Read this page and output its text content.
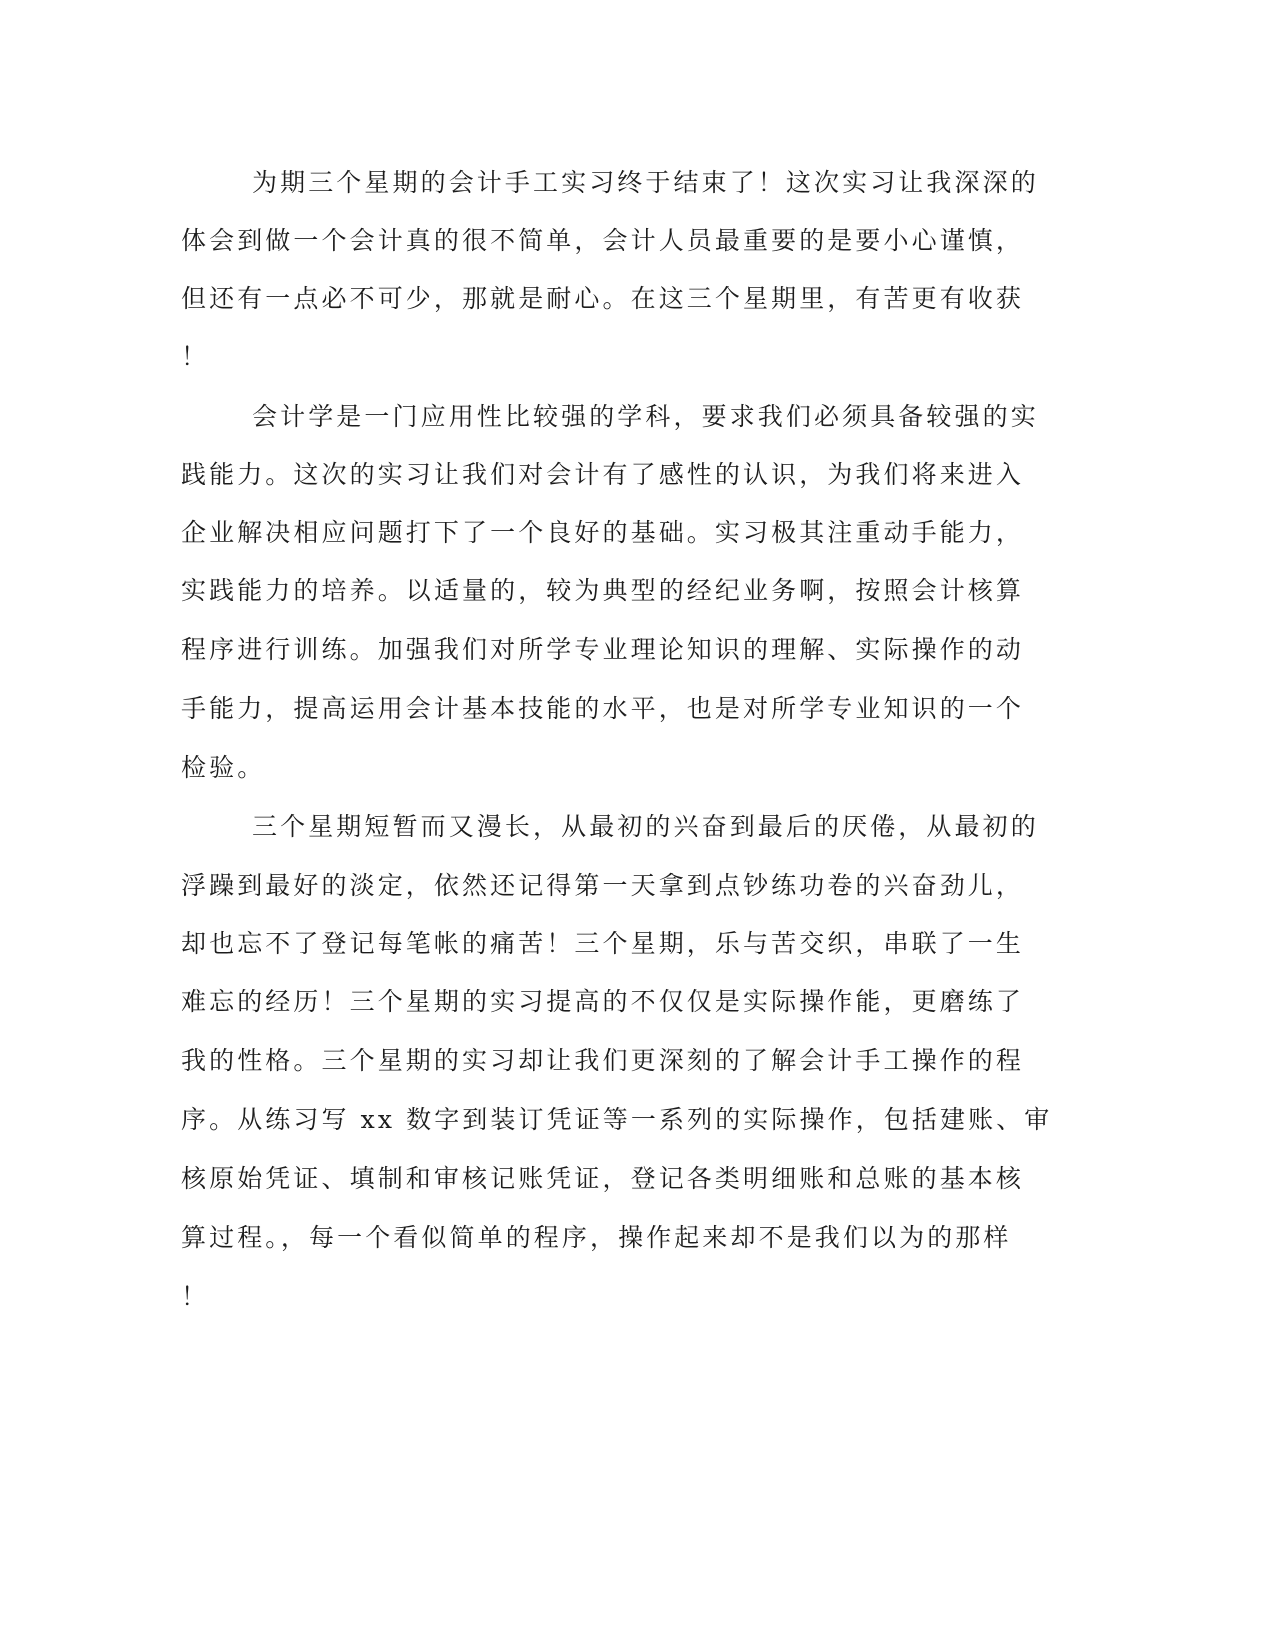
为期三个星期的会计手工实习终于结束了！这次实习让我深深的
体会到做一个会计真的很不简单，会计人员最重要的是要小心谨慎，
但还有一点必不可少，那就是耐心。在这三个星期里，有苦更有收获
！
会计学是一门应用性比较强的学科，要求我们必须具备较强的实
践能力。这次的实习让我们对会计有了感性的认识，为我们将来进入
企业解决相应问题打下了一个良好的基础。实习极其注重动手能力，
实践能力的培养。以适量的，较为典型的经纪业务啊，按照会计核算
程序进行训练。加强我们对所学专业理论知识的理解、实际操作的动
手能力，提高运用会计基本技能的水平，也是对所学专业知识的一个
检验。
三个星期短暂而又漫长，从最初的兴奋到最后的厌倦，从最初的
浮躁到最好的淡定，依然还记得第一天拿到点钞练功卷的兴奋劲儿，
却也忘不了登记每笔帐的痛苦！三个星期，乐与苦交织，串联了一生
难忘的经历！三个星期的实习提高的不仅仅是实际操作能，更磨练了
我的性格。三个星期的实习却让我们更深刻的了解会计手工操作的程
序。从练习写 xx 数字到装订凭证等一系列的实际操作，包括建账、审
核原始凭证、填制和审核记账凭证，登记各类明细账和总账的基本核
算过程。，每一个看似简单的程序，操作起来却不是我们以为的那样
！
